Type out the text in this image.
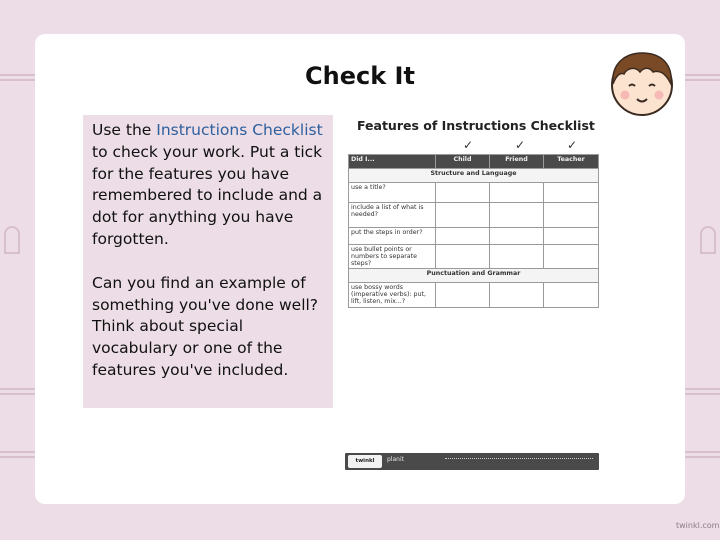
Check It

Use the Instructions Checklist to check your work. Put a tick for the features you have remembered to include and a dot for anything you have forgotten.

Can you find an example of something you've done well? Think about special vocabulary or one of the features you've included.

Features of Instructions Checklist
✓	✓	✓
Did I...	Child	Friend	Teacher
Structure and Language			
use a title?			
include a list of what is needed?			
put the steps in order?			
use bullet points or numbers to separate steps?			
Punctuation and Grammar			
use bossy words (imperative verbs): put, lift, listen, mix...?			
twinkl	planit
twinkl.com
